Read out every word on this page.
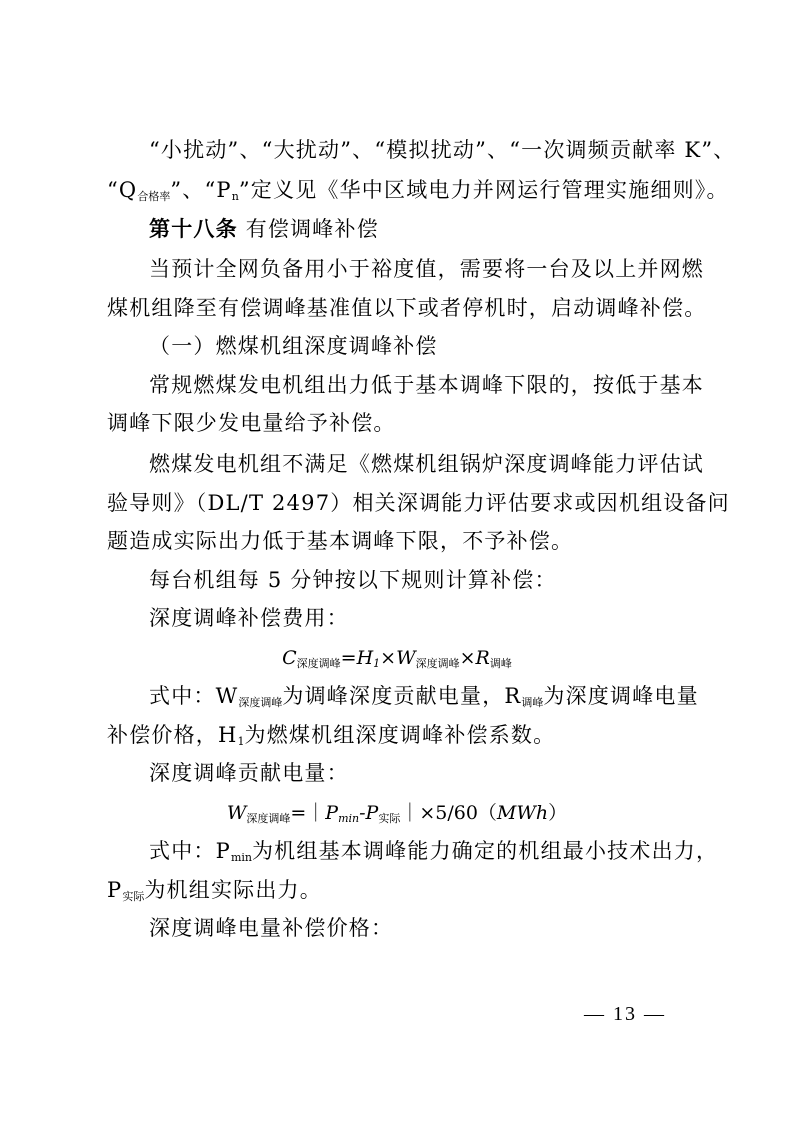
“小扰动”、“大扰动”、“模拟扰动”、“一次调频贡献率 K”、
“$Q_{合格率}$”、“$P_n$”定义见《华中区域电力并网运行管理实施细则》。
第十八条 有偿调峰补偿
当预计全网负备用小于裕度值，需要将一台及以上并网燃
煤机组降至有偿调峰基准值以下或者停机时，启动调峰补偿。
（一）燃煤机组深度调峰补偿
常规燃煤发电机组出力低于基本调峰下限的，按低于基本
调峰下限少发电量给予补偿。
燃煤发电机组不满足《燃煤机组锅炉深度调峰能力评估试
验导则》（DL/T 2497）相关深调能力评估要求或因机组设备问
题造成实际出力低于基本调峰下限，不予补偿。
每台机组每 5 分钟按以下规则计算补偿：
深度调峰补偿费用：
$C_{深度调峰}=H_1\times W_{深度调峰}\times R_{调峰}$
式中：$W_{深度调峰}$为调峰深度贡献电量，$R_{调峰}$为深度调峰电量
补偿价格，$H_1$为燃煤机组深度调峰补偿系数。
深度调峰贡献电量：
$W_{深度调峰}=|P_{min}-P_{实际}|\times 5/60(MWh)$
式中：$P_{min}$为机组基本调峰能力确定的机组最小技术出力，
$P_{实际}$为机组实际出力。
深度调峰电量补偿价格：
— 13 —
